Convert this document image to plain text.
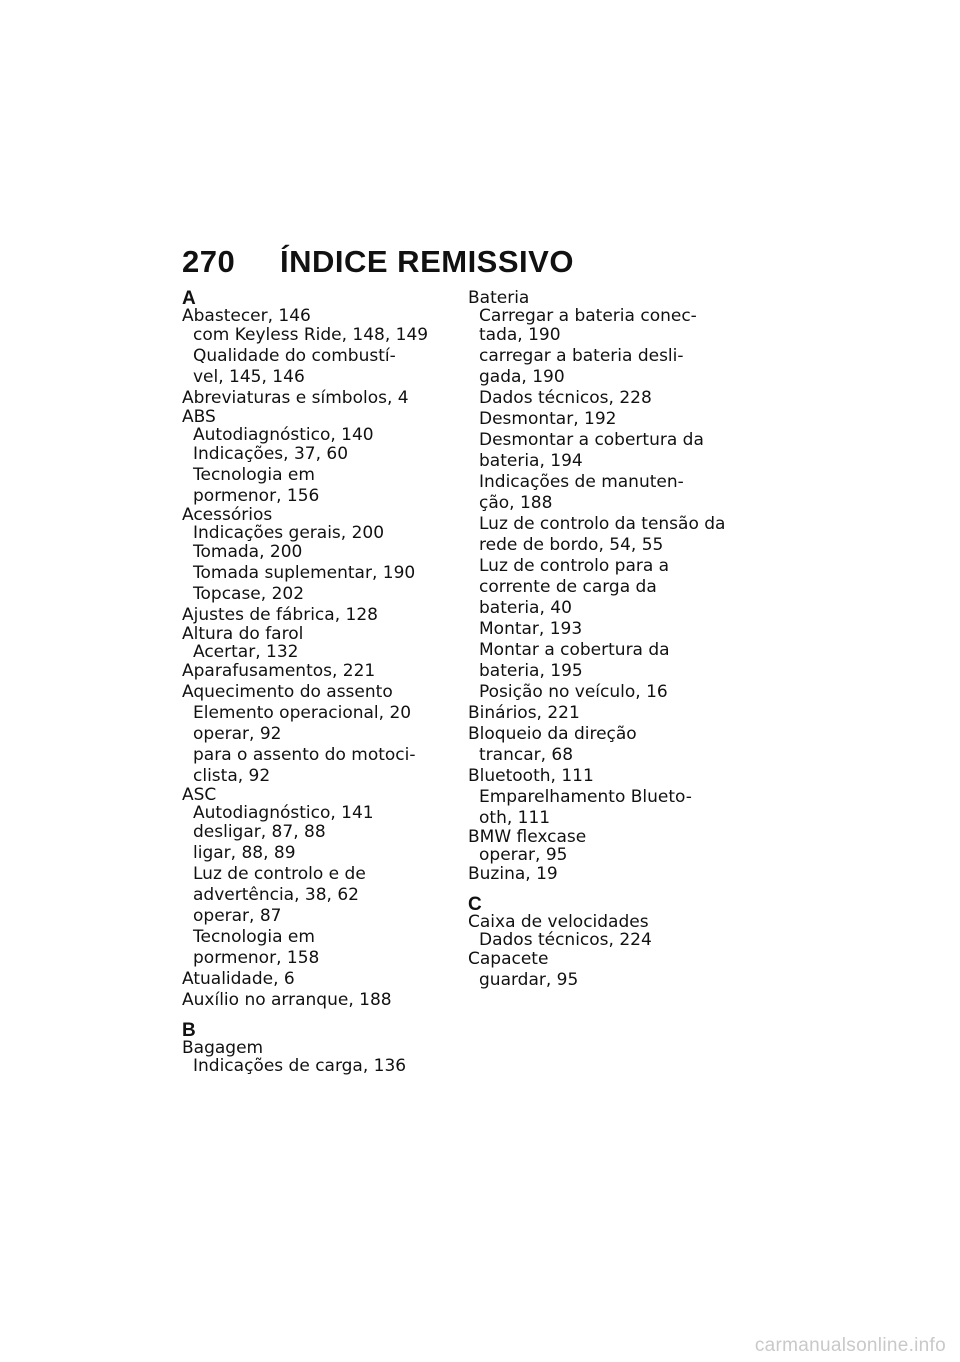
270	ÍNDICE REMISSIVO
A
Abastecer, 146
com Keyless Ride, 148, 149
Qualidade do combustí-
vel, 145, 146
Abreviaturas e símbolos, 4
ABS
Autodiagnóstico, 140
Indicações, 37, 60
Tecnologia em
pormenor, 156
Acessórios
Indicações gerais, 200
Tomada, 200
Tomada suplementar, 190
Topcase, 202
Ajustes de fábrica, 128
Altura do farol
Acertar, 132
Aparafusamentos, 221
Aquecimento do assento
Elemento operacional, 20
operar, 92
para o assento do motoci-
clista, 92
ASC
Autodiagnóstico, 141
desligar, 87, 88
ligar, 88, 89
Luz de controlo e de
advertência, 38, 62
operar, 87
Tecnologia em
pormenor, 158
Atualidade, 6
Auxílio no arranque, 188
B
Bagagem
Indicações de carga, 136
Bateria
Carregar a bateria conec-
tada, 190
carregar a bateria desli-
gada, 190
Dados técnicos, 228
Desmontar, 192
Desmontar a cobertura da
bateria, 194
Indicações de manuten-
ção, 188
Luz de controlo da tensão da
rede de bordo, 54, 55
Luz de controlo para a
corrente de carga da
bateria, 40
Montar, 193
Montar a cobertura da
bateria, 195
Posição no veículo, 16
Binários, 221
Bloqueio da direção
trancar, 68
Bluetooth, 111
Emparelhamento Blueto-
oth, 111
BMW flexcase
operar, 95
Buzina, 19
C
Caixa de velocidades
Dados técnicos, 224
Capacete
guardar, 95
carmanualsonline.info
